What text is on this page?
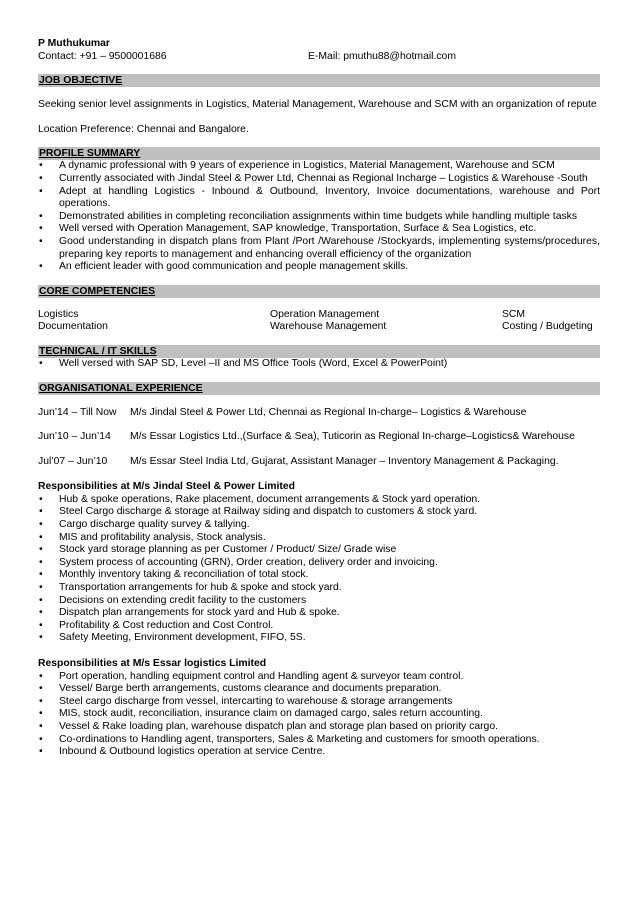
P Muthukumar
Contact: +91 – 9500001686	E-Mail: pmuthu88@hotmail.com
JOB OBJECTIVE
Seeking senior level assignments in Logistics, Material Management, Warehouse and SCM with an organization of repute
Location Preference: Chennai and Bangalore.
PROFILE SUMMARY
• A dynamic professional with 9 years of experience in Logistics, Material Management, Warehouse and SCM
• Currently associated with Jindal Steel & Power Ltd, Chennai as Regional Incharge – Logistics & Warehouse -South
• Adept at handling Logistics - Inbound & Outbound, Inventory, Invoice documentations, warehouse and Port operations.
• Demonstrated abilities in completing reconciliation assignments within time budgets while handling multiple tasks
• Well versed with Operation Management, SAP knowledge, Transportation, Surface & Sea Logistics, etc.
• Good understanding in dispatch plans from Plant /Port /Warehouse /Stockyards, implementing systems/procedures, preparing key reports to management and enhancing overall efficiency of the organization
• An efficient leader with good communication and people management skills.
CORE COMPETENCIES
Logistics	Operation Management	SCM
Documentation	Warehouse Management	Costing / Budgeting
TECHNICAL / IT SKILLS
• Well versed with SAP SD, Level –II and MS Office Tools (Word, Excel & PowerPoint)
ORGANISATIONAL EXPERIENCE
Jun’14 – Till Now	M/s Jindal Steel & Power Ltd, Chennai as Regional In-charge– Logistics & Warehouse
Jun’10 – Jun’14	M/s Essar Logistics Ltd.,(Surface & Sea), Tuticorin as Regional In-charge–Logistics& Warehouse
Jul’07 – Jun’10	M/s Essar Steel India Ltd, Gujarat, Assistant Manager – Inventory Management & Packaging.
Responsibilities at M/s Jindal Steel & Power Limited
• Hub & spoke operations, Rake placement, document arrangements & Stock yard operation.
• Steel Cargo discharge & storage at Railway siding and dispatch to customers & stock yard.
• Cargo discharge quality survey & tallying.
• MIS and profitability analysis, Stock analysis.
• Stock yard storage planning as per Customer / Product/ Size/ Grade wise
• System process of accounting (GRN), Order creation, delivery order and invoicing.
• Monthly inventory taking & reconciliation of total stock.
• Transportation arrangements for hub & spoke and stock yard.
• Decisions on extending credit facility to the customers
• Dispatch plan arrangements for stock yard and Hub & spoke.
• Profitability & Cost reduction and Cost Control.
• Safety Meeting, Environment development, FIFO, 5S.
Responsibilities at M/s Essar logistics Limited
• Port operation, handling equipment control and Handling agent & surveyor team control.
• Vessel/ Barge berth arrangements, customs clearance and documents preparation.
• Steel cargo discharge from vessel, intercarting to warehouse & storage arrangements
• MIS, stock audit, reconciliation, insurance claim on damaged cargo, sales return accounting.
• Vessel & Rake loading plan, warehouse dispatch plan and storage plan based on priority cargo.
• Co-ordinations to Handling agent, transporters, Sales & Marketing and customers for smooth operations.
• Inbound & Outbound logistics operation at service Centre.
